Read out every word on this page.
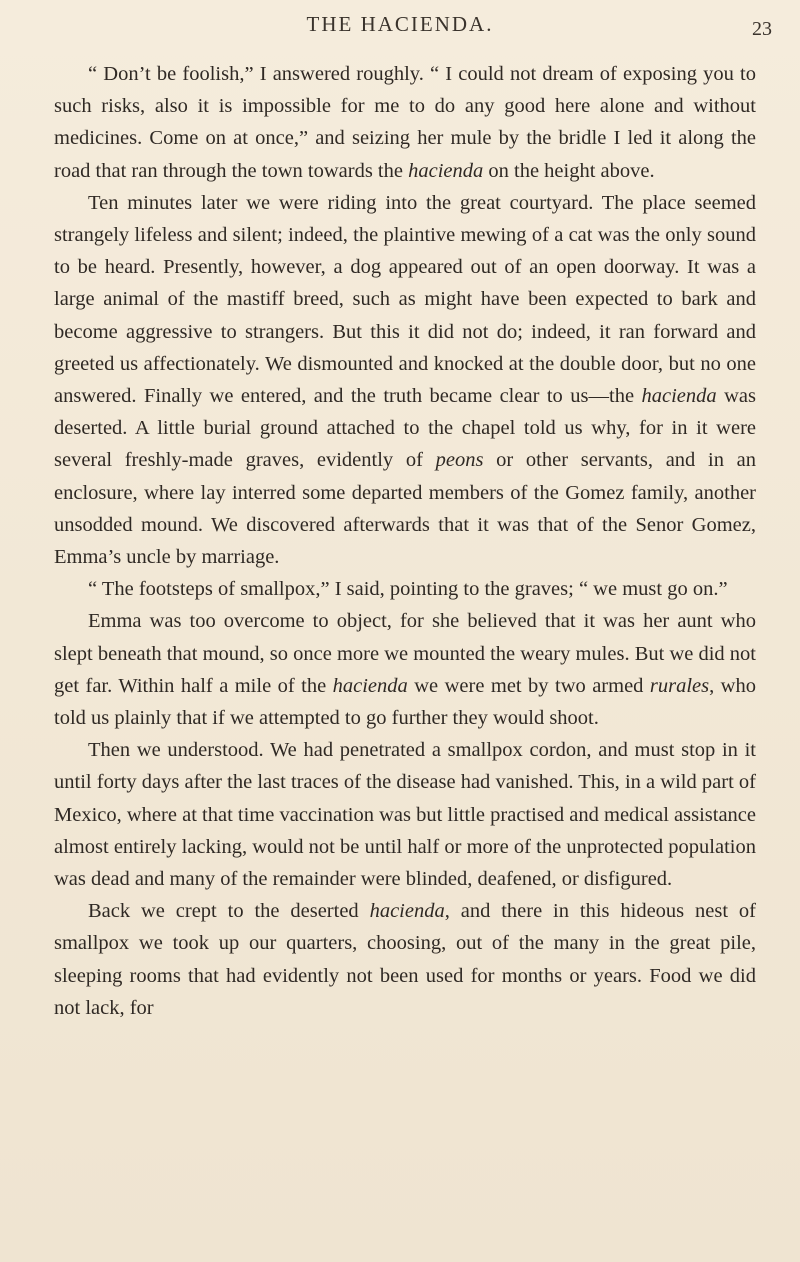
THE HACIENDA.	23

“ Don’t be foolish,” I answered roughly. “ I could not dream of exposing you to such risks, also it is impossible for me to do any good here alone and without medicines. Come on at once,” and seizing her mule by the bridle I led it along the road that ran through the town towards the hacienda on the height above.

Ten minutes later we were riding into the great courtyard. The place seemed strangely lifeless and silent; indeed, the plaintive mewing of a cat was the only sound to be heard. Presently, however, a dog appeared out of an open doorway. It was a large animal of the mastiff breed, such as might have been expected to bark and become aggressive to strangers. But this it did not do; indeed, it ran forward and greeted us affectionately. We dismounted and knocked at the double door, but no one answered. Finally we entered, and the truth became clear to us—the hacienda was deserted. A little burial ground attached to the chapel told us why, for in it were several freshly-made graves, evidently of peons or other servants, and in an enclosure, where lay interred some departed members of the Gomez family, another unsodded mound. We discovered afterwards that it was that of the Senor Gomez, Emma’s uncle by marriage.

“ The footsteps of smallpox,” I said, pointing to the graves; “ we must go on.”

Emma was too overcome to object, for she believed that it was her aunt who slept beneath that mound, so once more we mounted the weary mules. But we did not get far. Within half a mile of the hacienda we were met by two armed rurales, who told us plainly that if we attempted to go further they would shoot.

Then we understood. We had penetrated a smallpox cordon, and must stop in it until forty days after the last traces of the disease had vanished. This, in a wild part of Mexico, where at that time vaccination was but little practised and medical assistance almost entirely lacking, would not be until half or more of the unprotected population was dead and many of the remainder were blinded, deafened, or disfigured.

Back we crept to the deserted hacienda, and there in this hideous nest of smallpox we took up our quarters, choosing, out of the many in the great pile, sleeping rooms that had evidently not been used for months or years. Food we did not lack, for
